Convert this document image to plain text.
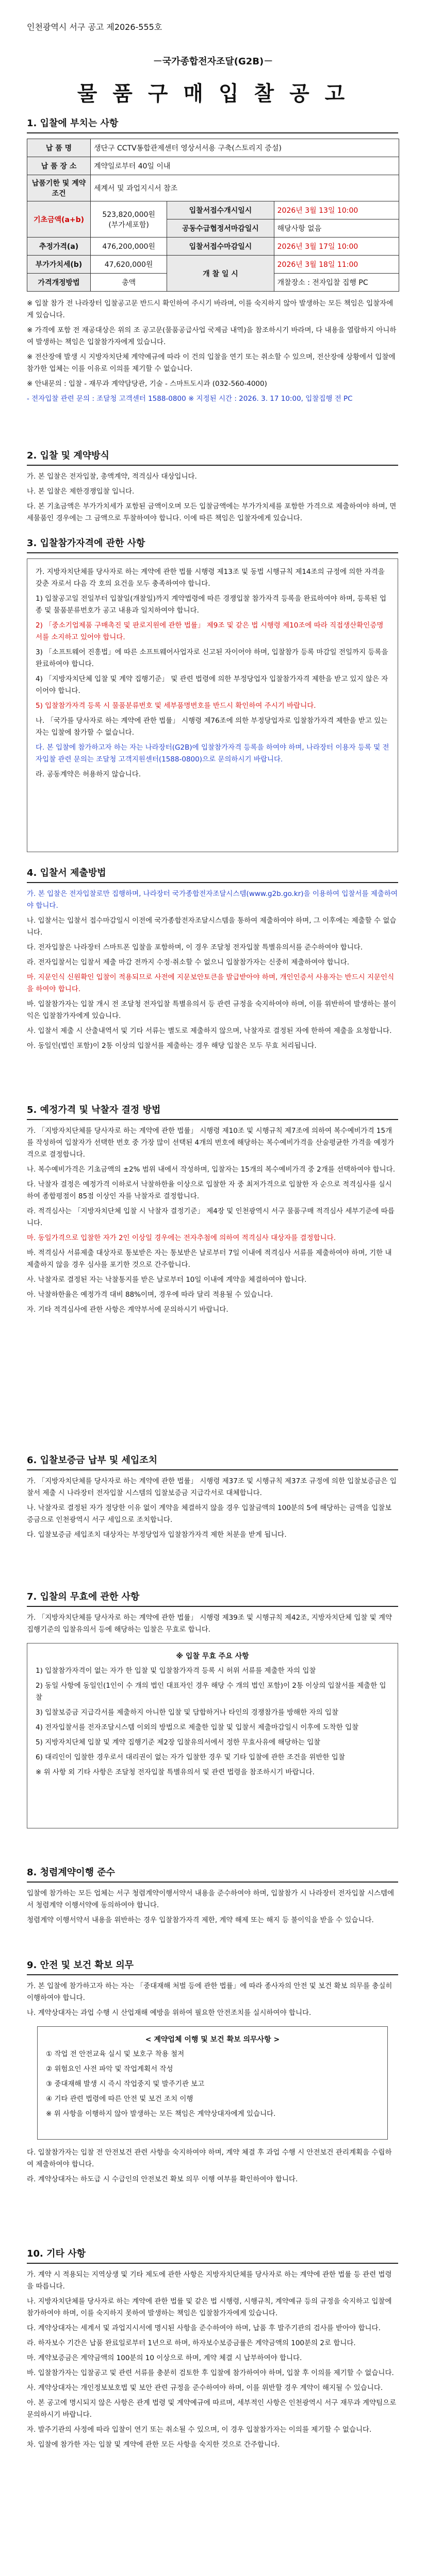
인천광역시 서구 공고 제2026-555호
－국가종합전자조달(G2B)－
물 품 구 매 입 찰 공 고
1. 입찰에 부치는 사항
납 품 명	생단구 CCTV통합관제센터 영상서서용 구축(스토리지 증설)		
납 품 장 소	계약일로부터 40일 이내		
납품기한 및 계약조건	세계서 및 과업지시서 참조		
기초금액(a+b)	523,820,000원
(부가세포함)	입찰서접수개시일시	2026년 3월 13일 10:00
		공동수급협정서마감일시	해당사항 없음
추정가격(a)	476,200,000원	입찰서접수마감일시	2026년 3월 17일 10:00
부가가치세(b)	47,620,000원	개 찰 일 시	2026년 3월 18일 11:00
가격개정방법	총액		개찰장소 : 전자입찰 집행 PC

※ 입찰 참가 전 나라장터 입찰공고문 반드시 확인하여 주시기 바라며, 이를 숙지하지 않아 발생하는 모든 책임은 입찰자에게 있습니다.

※ 가격에 포함 전 재공대상은 위의 조 공고문(물품공급사업 국제금 내역)을 참조하시기 바라며, 다 내용을 열람하지 아니하여 발생하는 책임은 입찰참가자에게 있습니다.

※ 전산장애 발생 시 지방자치단체 계약예규에 따라 이 건의 입찰을 연기 또는 취소할 수 있으며, 전산장애 상황에서 입찰에 참가한 업체는 이를 이유로 이의를 제기할 수 없습니다.

※ 안내문의 : 입찰 - 재무과 계약담당관, 기술 - 스마트도시과 (032-560-4000)

- 전자입찰 관련 문의 : 조달청 고객센터 1588-0800 ※ 지정된 시간 : 2026. 3. 17 10:00, 입찰집행 전 PC

2. 입찰 및 계약방식

가. 본 입찰은 전자입찰, 총액계약, 적격심사 대상입니다.

나. 본 입찰은 제한경쟁입찰 입니다.

다. 본 기초금액은 부가가치세가 포함된 금액이오며 모든 입찰금액에는 부가가치세를 포함한 가격으로 제출하여야 하며, 면세물품인 경우에는 그 금액으로 투찰하여야 합니다. 이에 따른 책임은 입찰자에게 있습니다.

3. 입찰참가자격에 관한 사항

가. 지방자치단체를 당사자로 하는 계약에 관한 법률 시행령 제13조 및 동법 시행규칙 제14조의 규정에 의한 자격을 갖춘 자로서 다음 각 호의 요건을 모두 충족하여야 합니다.

1) 입찰공고일 전일부터 입찰일(개찰일)까지 계약법령에 따른 경쟁입찰 참가자격 등록을 완료하여야 하며, 등록된 업종 및 물품분류번호가 공고 내용과 일치하여야 합니다.

2) 「중소기업제품 구매촉진 및 판로지원에 관한 법률」 제9조 및 같은 법 시행령 제10조에 따라 직접생산확인증명서를 소지하고 있어야 합니다.

3) 「소프트웨어 진흥법」에 따른 소프트웨어사업자로 신고된 자이어야 하며, 입찰참가 등록 마감일 전일까지 등록을 완료하여야 합니다.

4) 「지방자치단체 입찰 및 계약 집행기준」 및 관련 법령에 의한 부정당업자 입찰참가자격 제한을 받고 있지 않은 자이어야 합니다.

5) 입찰참가자격 등록 시 물품분류번호 및 세부품명번호를 반드시 확인하여 주시기 바랍니다.

나. 「국가를 당사자로 하는 계약에 관한 법률」 시행령 제76조에 의한 부정당업자로 입찰참가자격 제한을 받고 있는 자는 입찰에 참가할 수 없습니다.

다. 본 입찰에 참가하고자 하는 자는 나라장터(G2B)에 입찰참가자격 등록을 하여야 하며, 나라장터 이용자 등록 및 전자입찰 관련 문의는 조달청 고객지원센터(1588-0800)으로 문의하시기 바랍니다.

라. 공동계약은 허용하지 않습니다.

4. 입찰서 제출방법

가. 본 입찰은 전자입찰로만 집행하며, 나라장터 국가종합전자조달시스템(www.g2b.go.kr)을 이용하여 입찰서를 제출하여야 합니다.

나. 입찰서는 입찰서 접수마감일시 이전에 국가종합전자조달시스템을 통하여 제출하여야 하며, 그 이후에는 제출할 수 없습니다.

다. 전자입찰은 나라장터 스마트폰 입찰을 포함하며, 이 경우 조달청 전자입찰 특별유의서를 준수하여야 합니다.

라. 전자입찰서는 입찰서 제출 마감 전까지 수정·취소할 수 없으니 입찰참가자는 신중히 제출하여야 합니다.

마. 지문인식 신원확인 입찰이 적용되므로 사전에 지문보안토큰을 발급받아야 하며, 개인인증서 사용자는 반드시 지문인식을 하여야 합니다.

바. 입찰참가자는 입찰 개시 전 조달청 전자입찰 특별유의서 등 관련 규정을 숙지하여야 하며, 이를 위반하여 발생하는 불이익은 입찰참가자에게 있습니다.

사. 입찰서 제출 시 산출내역서 및 기타 서류는 별도로 제출하지 않으며, 낙찰자로 결정된 자에 한하여 제출을 요청합니다.

아. 동일인(법인 포함)이 2통 이상의 입찰서를 제출하는 경우 해당 입찰은 모두 무효 처리됩니다.

5. 예정가격 및 낙찰자 결정 방법

가. 「지방자치단체를 당사자로 하는 계약에 관한 법률」 시행령 제10조 및 시행규칙 제7조에 의하여 복수예비가격 15개를 작성하여 입찰자가 선택한 번호 중 가장 많이 선택된 4개의 번호에 해당하는 복수예비가격을 산술평균한 가격을 예정가격으로 결정합니다.

나. 복수예비가격은 기초금액의 ±2% 범위 내에서 작성하며, 입찰자는 15개의 복수예비가격 중 2개를 선택하여야 합니다.

다. 낙찰자 결정은 예정가격 이하로서 낙찰하한율 이상으로 입찰한 자 중 최저가격으로 입찰한 자 순으로 적격심사를 실시하여 종합평점이 85점 이상인 자를 낙찰자로 결정합니다.

라. 적격심사는 「지방자치단체 입찰 시 낙찰자 결정기준」 제4장 및 인천광역시 서구 물품구매 적격심사 세부기준에 따릅니다.

마. 동일가격으로 입찰한 자가 2인 이상일 경우에는 전자추첨에 의하여 적격심사 대상자를 결정합니다.

바. 적격심사 서류제출 대상자로 통보받은 자는 통보받은 날로부터 7일 이내에 적격심사 서류를 제출하여야 하며, 기한 내 제출하지 않을 경우 심사를 포기한 것으로 간주합니다.

사. 낙찰자로 결정된 자는 낙찰통지를 받은 날로부터 10일 이내에 계약을 체결하여야 합니다.

아. 낙찰하한율은 예정가격 대비 88%이며, 경우에 따라 달리 적용될 수 있습니다.

자. 기타 적격심사에 관한 사항은 계약부서에 문의하시기 바랍니다.

6. 입찰보증금 납부 및 세입조치

가. 「지방자치단체를 당사자로 하는 계약에 관한 법률」 시행령 제37조 및 시행규칙 제37조 규정에 의한 입찰보증금은 입찰서 제출 시 나라장터 전자입찰 시스템의 입찰보증금 지급각서로 대체합니다.

나. 낙찰자로 결정된 자가 정당한 이유 없이 계약을 체결하지 않을 경우 입찰금액의 100분의 5에 해당하는 금액을 입찰보증금으로 인천광역시 서구 세입으로 조치합니다.

다. 입찰보증금 세입조치 대상자는 부정당업자 입찰참가자격 제한 처분을 받게 됩니다.

7. 입찰의 무효에 관한 사항

가. 「지방자치단체를 당사자로 하는 계약에 관한 법률」 시행령 제39조 및 시행규칙 제42조, 지방자치단체 입찰 및 계약 집행기준의 입찰유의서 등에 해당하는 입찰은 무효로 합니다.

※ 입찰 무효 주요 사항

1) 입찰참가자격이 없는 자가 한 입찰 및 입찰참가자격 등록 시 허위 서류를 제출한 자의 입찰

2) 동일 사항에 동일인(1인이 수 개의 법인 대표자인 경우 해당 수 개의 법인 포함)이 2통 이상의 입찰서를 제출한 입찰

3) 입찰보증금 지급각서를 제출하지 아니한 입찰 및 담합하거나 타인의 경쟁참가를 방해한 자의 입찰

4) 전자입찰서를 전자조달시스템 이외의 방법으로 제출한 입찰 및 입찰서 제출마감일시 이후에 도착한 입찰

5) 지방자치단체 입찰 및 계약 집행기준 제2장 입찰유의서에서 정한 무효사유에 해당하는 입찰

6) 대리인이 입찰한 경우로서 대리권이 없는 자가 입찰한 경우 및 기타 입찰에 관한 조건을 위반한 입찰

※ 위 사항 외 기타 사항은 조달청 전자입찰 특별유의서 및 관련 법령을 참조하시기 바랍니다.

8. 청렴계약이행 준수

입찰에 참가하는 모든 업체는 서구 청렴계약이행서약서 내용을 준수하여야 하며, 입찰참가 시 나라장터 전자입찰 시스템에서 청렴계약 이행서약에 동의하여야 합니다.

청렴계약 이행서약서 내용을 위반하는 경우 입찰참가자격 제한, 계약 해제 또는 해지 등 불이익을 받을 수 있습니다.

9. 안전 및 보건 확보 의무

가. 본 입찰에 참가하고자 하는 자는 「중대재해 처벌 등에 관한 법률」에 따라 종사자의 안전 및 보건 확보 의무를 충실히 이행하여야 합니다.

나. 계약상대자는 과업 수행 시 산업재해 예방을 위하여 필요한 안전조치를 실시하여야 합니다.

< 계약업체 이행 및 보건 확보 의무사항 >

① 작업 전 안전교육 실시 및 보호구 착용 철저

② 위험요인 사전 파악 및 작업계획서 작성

③ 중대재해 발생 시 즉시 작업중지 및 발주기관 보고

④ 기타 관련 법령에 따른 안전 및 보건 조치 이행

※ 위 사항을 이행하지 않아 발생하는 모든 책임은 계약상대자에게 있습니다.

다. 입찰참가자는 입찰 전 안전보건 관련 사항을 숙지하여야 하며, 계약 체결 후 과업 수행 시 안전보건 관리계획을 수립하여 제출하여야 합니다.

라. 계약상대자는 하도급 시 수급인의 안전보건 확보 의무 이행 여부를 확인하여야 합니다.

10. 기타 사항

가. 계약 시 적용되는 지역상생 및 기타 제도에 관한 사항은 지방자치단체를 당사자로 하는 계약에 관한 법률 등 관련 법령을 따릅니다.

나. 지방자치단체를 당사자로 하는 계약에 관한 법률 및 같은 법 시행령, 시행규칙, 계약예규 등의 규정을 숙지하고 입찰에 참가하여야 하며, 이를 숙지하지 못하여 발생하는 책임은 입찰참가자에게 있습니다.

다. 계약상대자는 세계서 및 과업지시서에 명시된 사항을 준수하여야 하며, 납품 후 발주기관의 검사를 받아야 합니다.

라. 하자보수 기간은 납품 완료일로부터 1년으로 하며, 하자보수보증금률은 계약금액의 100분의 2로 합니다.

마. 계약보증금은 계약금액의 100분의 10 이상으로 하며, 계약 체결 시 납부하여야 합니다.

바. 입찰참가자는 입찰공고 및 관련 서류를 충분히 검토한 후 입찰에 참가하여야 하며, 입찰 후 이의를 제기할 수 없습니다.

사. 계약상대자는 개인정보보호법 및 보안 관련 규정을 준수하여야 하며, 이를 위반할 경우 계약이 해지될 수 있습니다.

아. 본 공고에 명시되지 않은 사항은 관계 법령 및 계약예규에 따르며, 세부적인 사항은 인천광역시 서구 재무과 계약팀으로 문의하시기 바랍니다.

자. 발주기관의 사정에 따라 입찰이 연기 또는 취소될 수 있으며, 이 경우 입찰참가자는 이의를 제기할 수 없습니다.

차. 입찰에 참가한 자는 입찰 및 계약에 관한 모든 사항을 숙지한 것으로 간주합니다.
